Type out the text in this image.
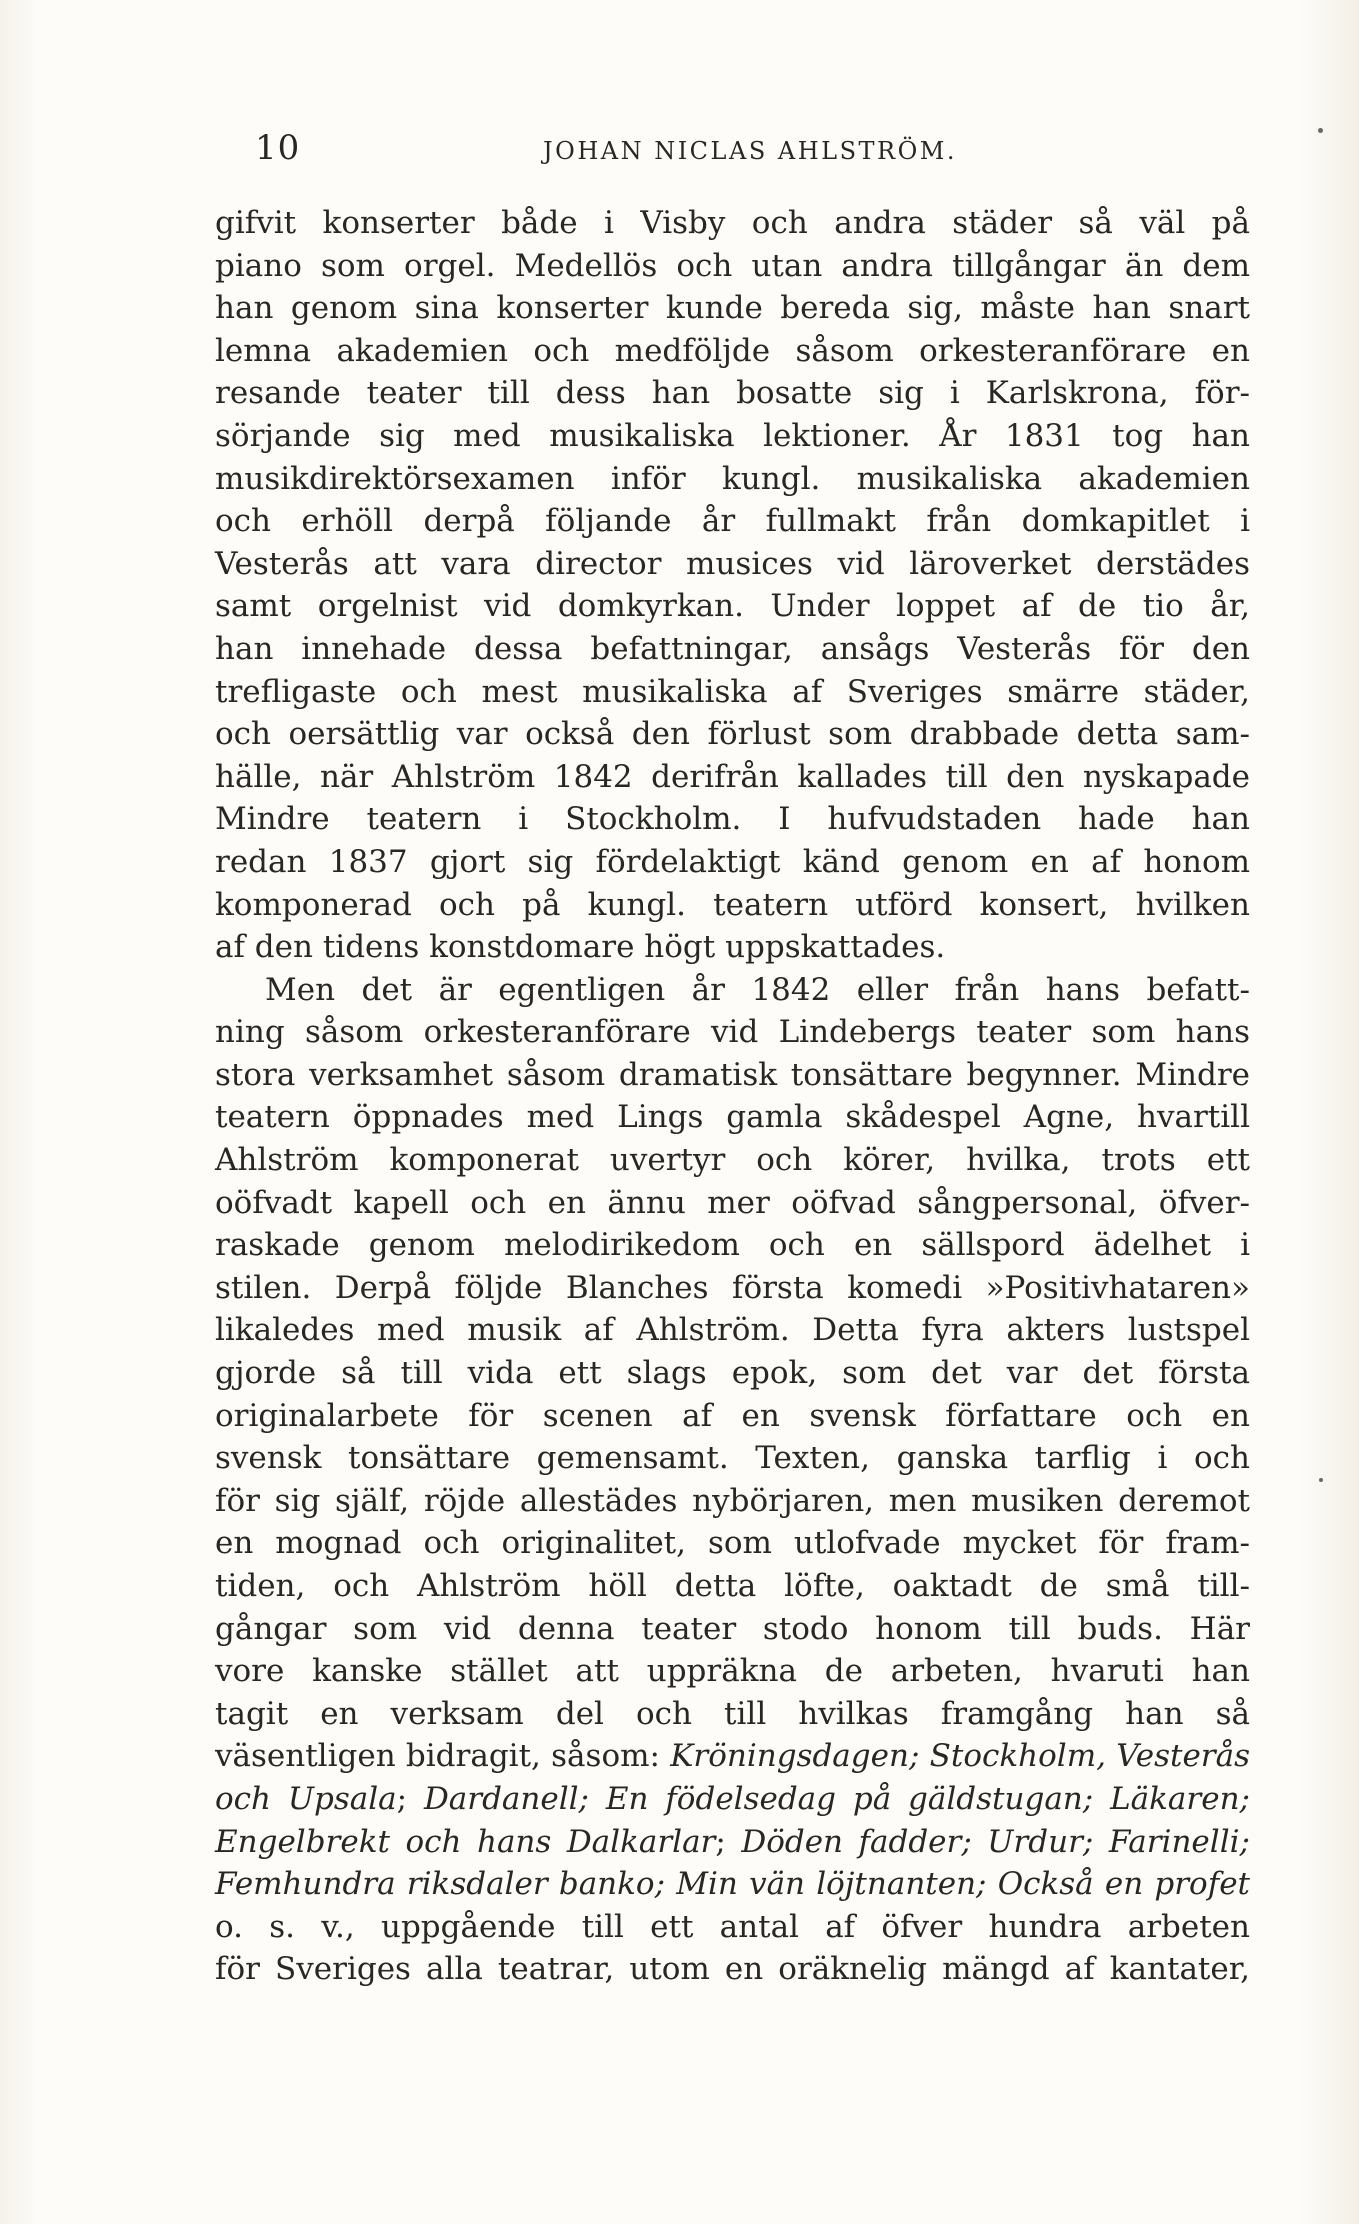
10	JOHAN NICLAS AHLSTRÖM.
gifvit konserter både i Visby och andra städer så väl på
piano som orgel. Medellös och utan andra tillgångar än dem
han genom sina konserter kunde bereda sig, måste han snart
lemna akademien och medföljde såsom orkesteranförare en
resande teater till dess han bosatte sig i Karlskrona, för-
sörjande sig med musikaliska lektioner. År 1831 tog han
musikdirektörsexamen inför kungl. musikaliska akademien
och erhöll derpå följande år fullmakt från domkapitlet i
Vesterås att vara director musices vid läroverket derstädes
samt orgelnist vid domkyrkan. Under loppet af de tio år,
han innehade dessa befattningar, ansågs Vesterås för den
trefligaste och mest musikaliska af Sveriges smärre städer,
och oersättlig var också den förlust som drabbade detta sam-
hälle, när Ahlström 1842 derifrån kallades till den nyskapade
Mindre teatern i Stockholm. I hufvudstaden hade han
redan 1837 gjort sig fördelaktigt känd genom en af honom
komponerad och på kungl. teatern utförd konsert, hvilken
af den tidens konstdomare högt uppskattades.
Men det är egentligen år 1842 eller från hans befatt-
ning såsom orkesteranförare vid Lindebergs teater som hans
stora verksamhet såsom dramatisk tonsättare begynner. Mindre
teatern öppnades med Lings gamla skådespel Agne, hvartill
Ahlström komponerat uvertyr och körer, hvilka, trots ett
oöfvadt kapell och en ännu mer oöfvad sångpersonal, öfver-
raskade genom melodirikedom och en sällspord ädelhet i
stilen. Derpå följde Blanches första komedi »Positivhataren»
likaledes med musik af Ahlström. Detta fyra akters lustspel
gjorde så till vida ett slags epok, som det var det första
originalarbete för scenen af en svensk författare och en
svensk tonsättare gemensamt. Texten, ganska tarflig i och
för sig själf, röjde allestädes nybörjaren, men musiken deremot
en mognad och originalitet, som utlofvade mycket för fram-
tiden, och Ahlström höll detta löfte, oaktadt de små till-
gångar som vid denna teater stodo honom till buds. Här
vore kanske stället att uppräkna de arbeten, hvaruti han
tagit en verksam del och till hvilkas framgång han så
väsentligen bidragit, såsom: Kröningsdagen; Stockholm, Vesterås
och Upsala; Dardanell; En födelsedag på gäldstugan; Läkaren;
Engelbrekt och hans Dalkarlar; Döden fadder; Urdur; Farinelli;
Femhundra riksdaler banko; Min vän löjtnanten; Också en profet
o. s. v., uppgående till ett antal af öfver hundra arbeten
för Sveriges alla teatrar, utom en oräknelig mängd af kantater,
